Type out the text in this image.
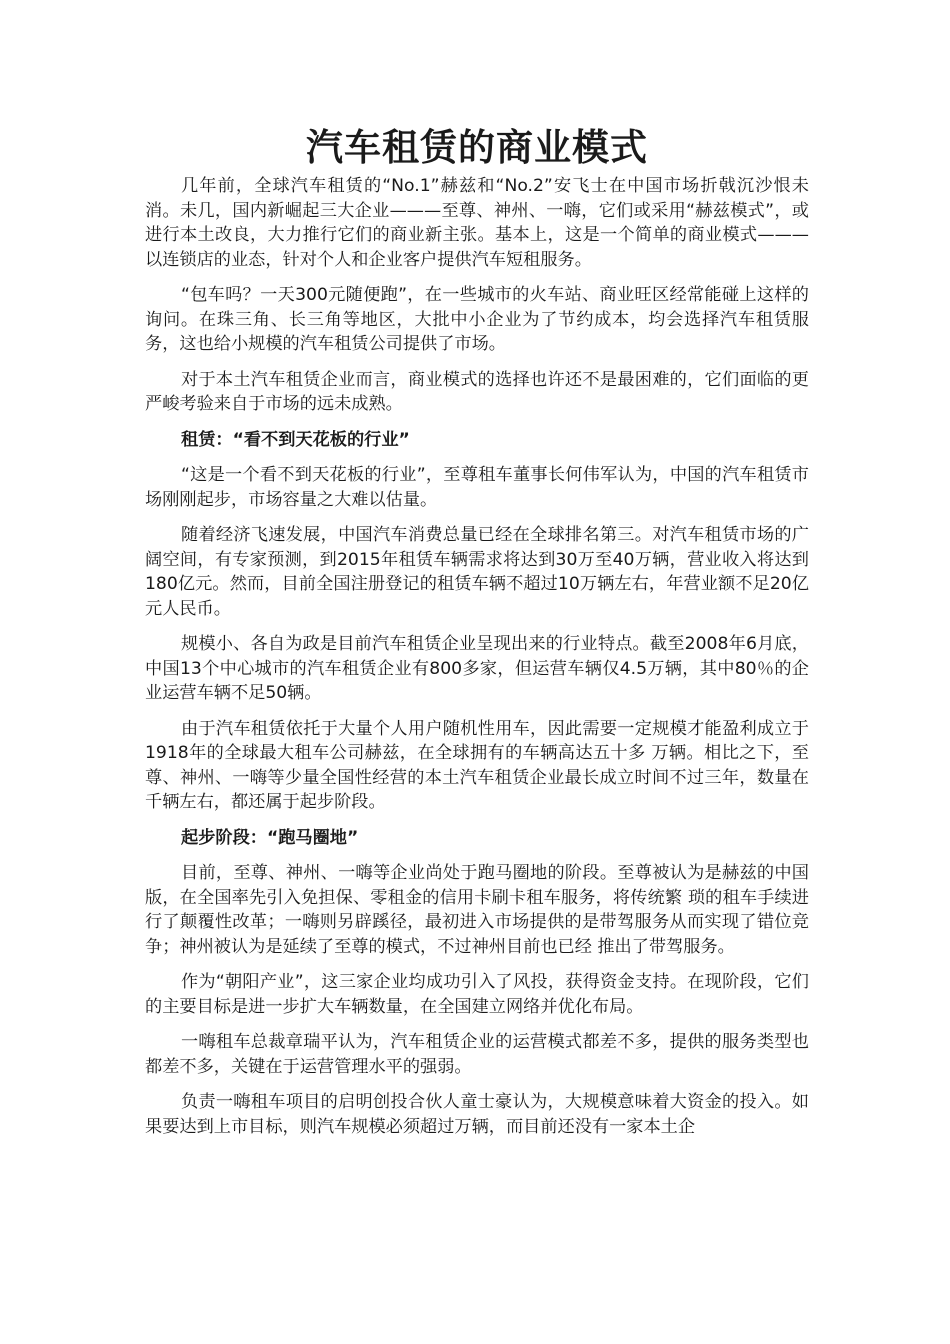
汽车租赁的商业模式

几年前，全球汽车租赁的“No.1”赫兹和“No.2”安飞士在中国市场折戟沉沙恨未消。未几，国内新崛起三大企业———至尊、神州、一嗨，它们或采用“赫兹模式”，或进行本土改良，大力推行它们的商业新主张。基本上，这是一个简单的商业模式———以连锁店的业态，针对个人和企业客户提供汽车短租服务。

“包车吗？一天300元随便跑”，在一些城市的火车站、商业旺区经常能碰上这样的询问。在珠三角、长三角等地区，大批中小企业为了节约成本，均会选择汽车租赁服务，这也给小规模的汽车租赁公司提供了市场。

对于本土汽车租赁企业而言，商业模式的选择也许还不是最困难的，它们面临的更严峻考验来自于市场的远未成熟。

租赁：“看不到天花板的行业”

“这是一个看不到天花板的行业”，至尊租车董事长何伟军认为，中国的汽车租赁市场刚刚起步，市场容量之大难以估量。

随着经济飞速发展，中国汽车消费总量已经在全球排名第三。对汽车租赁市场的广阔空间，有专家预测，到2015年租赁车辆需求将达到30万至40万辆，营业收入将达到180亿元。然而，目前全国注册登记的租赁车辆不超过10万辆左右，年营业额不足20亿元人民币。

规模小、各自为政是目前汽车租赁企业呈现出来的行业特点。截至2008年6月底，中国13个中心城市的汽车租赁企业有800多家，但运营车辆仅4.5万辆，其中80％的企业运营车辆不足50辆。

由于汽车租赁依托于大量个人用户随机性用车，因此需要一定规模才能盈利成立于1918年的全球最大租车公司赫兹，在全球拥有的车辆高达五十多 万辆。相比之下，至尊、神州、一嗨等少量全国性经营的本土汽车租赁企业最长成立时间不过三年，数量在千辆左右，都还属于起步阶段。

起步阶段：“跑马圈地”

目前，至尊、神州、一嗨等企业尚处于跑马圈地的阶段。至尊被认为是赫兹的中国版，在全国率先引入免担保、零租金的信用卡刷卡租车服务，将传统繁 琐的租车手续进行了颠覆性改革；一嗨则另辟蹊径，最初进入市场提供的是带驾服务从而实现了错位竞争；神州被认为是延续了至尊的模式，不过神州目前也已经 推出了带驾服务。

作为“朝阳产业”，这三家企业均成功引入了风投，获得资金支持。在现阶段，它们的主要目标是进一步扩大车辆数量，在全国建立网络并优化布局。

一嗨租车总裁章瑞平认为，汽车租赁企业的运营模式都差不多，提供的服务类型也都差不多，关键在于运营管理水平的强弱。

负责一嗨租车项目的启明创投合伙人童士豪认为，大规模意味着大资金的投入。如果要达到上市目标，则汽车规模必须超过万辆，而目前还没有一家本土企
